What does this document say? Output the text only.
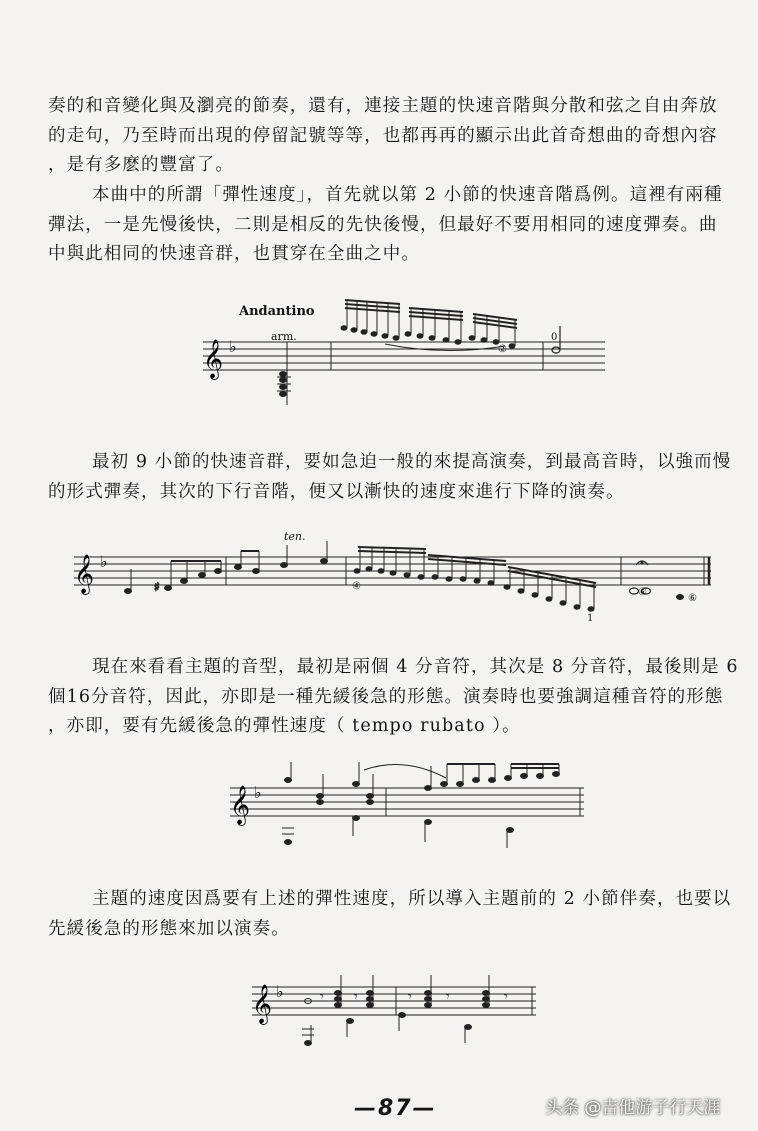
奏的和音變化與及瀏亮的節奏，還有，連接主題的快速音階與分散和弦之自由奔放
的走句，乃至時而出現的停留記號等等，也都再再的顯示出此首奇想曲的奇想內容
，是有多麽的豐富了。

本曲中的所謂「彈性速度」，首先就以第 2 小節的快速音階爲例。這裡有兩種
彈法，一是先慢後快，二則是相反的先快後慢，但最好不要用相同的速度彈奏。曲
中與此相同的快速音群，也貫穿在全曲之中。

Andantino
arm.
②
0
𝄞 ♭

最初 9 小節的快速音群，要如急迫一般的來提高演奏，到最高音時，以強而慢
的形式彈奏，其次的下行音階，便又以漸快的速度來進行下降的演奏。

ten.
④
⑥
⑥
1
𝄞 ♭
♯

現在來看看主題的音型，最初是兩個 4 分音符，其次是 8 分音符，最後則是 6
個16分音符，因此，亦即是一種先緩後急的形態。演奏時也要強調這種音符的形態
，亦即，要有先緩後急的彈性速度（ tempo rubato ）。

𝄞 ♭

主題的速度因爲要有上述的彈性速度，所以導入主題前的 2 小節伴奏，也要以
先緩後急的形態來加以演奏。

𝄞 ♭	𝄾 𝄾	𝄾 𝄾	𝄾
—87—	头条 @吉他游子行天涯
